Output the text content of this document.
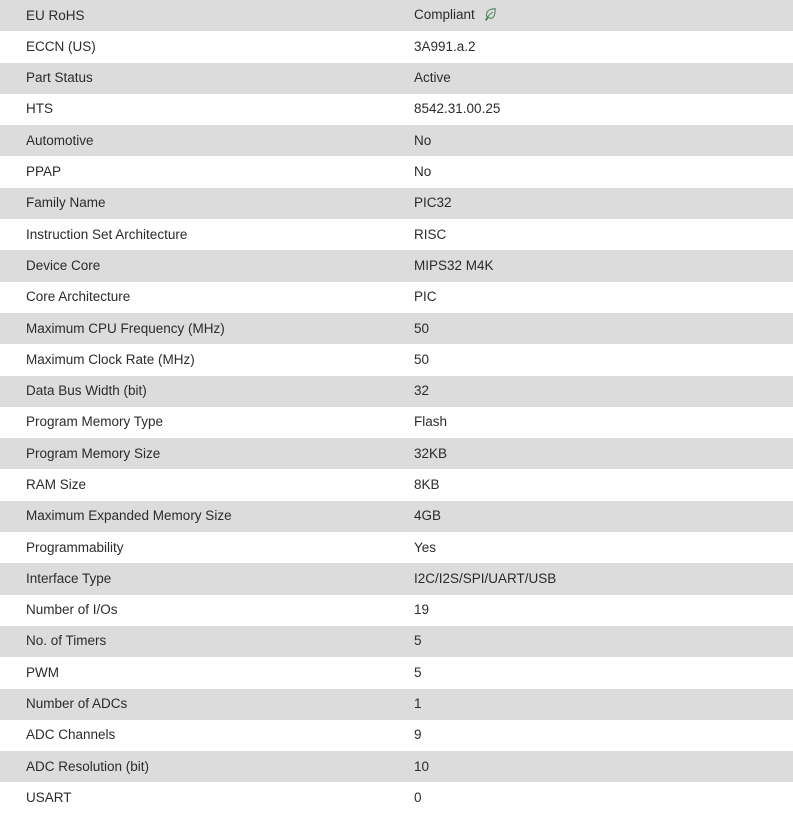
EU RoHS	Compliant
ECCN (US)	3A991.a.2
Part Status	Active
HTS	8542.31.00.25
Automotive	No
PPAP	No
Family Name	PIC32
Instruction Set Architecture	RISC
Device Core	MIPS32 M4K
Core Architecture	PIC
Maximum CPU Frequency (MHz)	50
Maximum Clock Rate (MHz)	50
Data Bus Width (bit)	32
Program Memory Type	Flash
Program Memory Size	32KB
RAM Size	8KB
Maximum Expanded Memory Size	4GB
Programmability	Yes
Interface Type	I2C/I2S/SPI/UART/USB
Number of I/Os	19
No. of Timers	5
PWM	5
Number of ADCs	1
ADC Channels	9
ADC Resolution (bit)	10
USART	0
